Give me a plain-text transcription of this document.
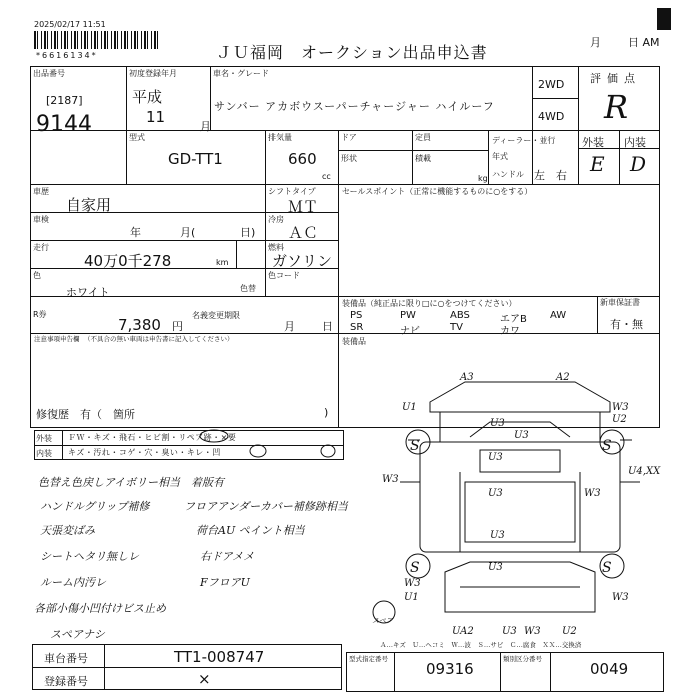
2025/02/17 11:51
*6616134*	ＪＵ福岡　オークション出品申込書
月 日 AM
出品番号
[2187]
9144
初度登録年月
平成
11
月
車名・グレード
サンバー アカボウスーパーチャージャー ハイルーフ
2WD
4WD
評価点
R
型式
GD-TT1
排気量
660
cc
ドア	定員
形状	積載
kg
ディーラー・並行
年式
ハンドル 左 右
外装 内装
E D
車歴
自家用
シフトタイプ
ＭＴ
車検
年	月(	日)
冷房
ＡＣ
走行
40万0千278	km
燃料
ガソリン
色
ホワイト	色替
色コード
セールスポイント（正常に機能するものに○をする）
R券
7,380 円
名義変更期限
月 日
装備品（純正品に限り□に○をつけてください）	新車保証書
有・無
PS	PW	ABS	エアB AW
SR	ナビ	TV	カワ
注意事項申告欄 （不具合の無い車両は申告書に記入してください）
修復歴　有（　箇所
装備品
)
外装 ＦＷ・キズ・飛石・ヒビ割・リペア跡・×要
内装 キズ・汚れ・コゲ・穴・臭い・キレ・凹
色替え色戻しアイボリー相当　着版有
ハンドルグリップ補修
天張変ばみ
シートヘタリ無しレ
ルーム内汚レ
各部小傷小凹付けビス止め
スペアナシ
フロアアンダーカバー補修跡相当
荷台AU ペイント相当
右ドアメメ
FフロアU
A3	A2
U1
U3
U3
W3
U2
W3
U3
U3
U4,XX
W3
U3
U3
W3
W3
U1
S	S
S	S
UA2	U3 W3 U2
スペア
Ａ…キズ　Ｕ…ヘコミ　Ｗ…波　Ｓ…サビ　Ｃ…腐食　ＸＸ…交換済
車台番号	TT1-008747
登録番号	×
型式指定番号
09316
類別区分番号
0049
